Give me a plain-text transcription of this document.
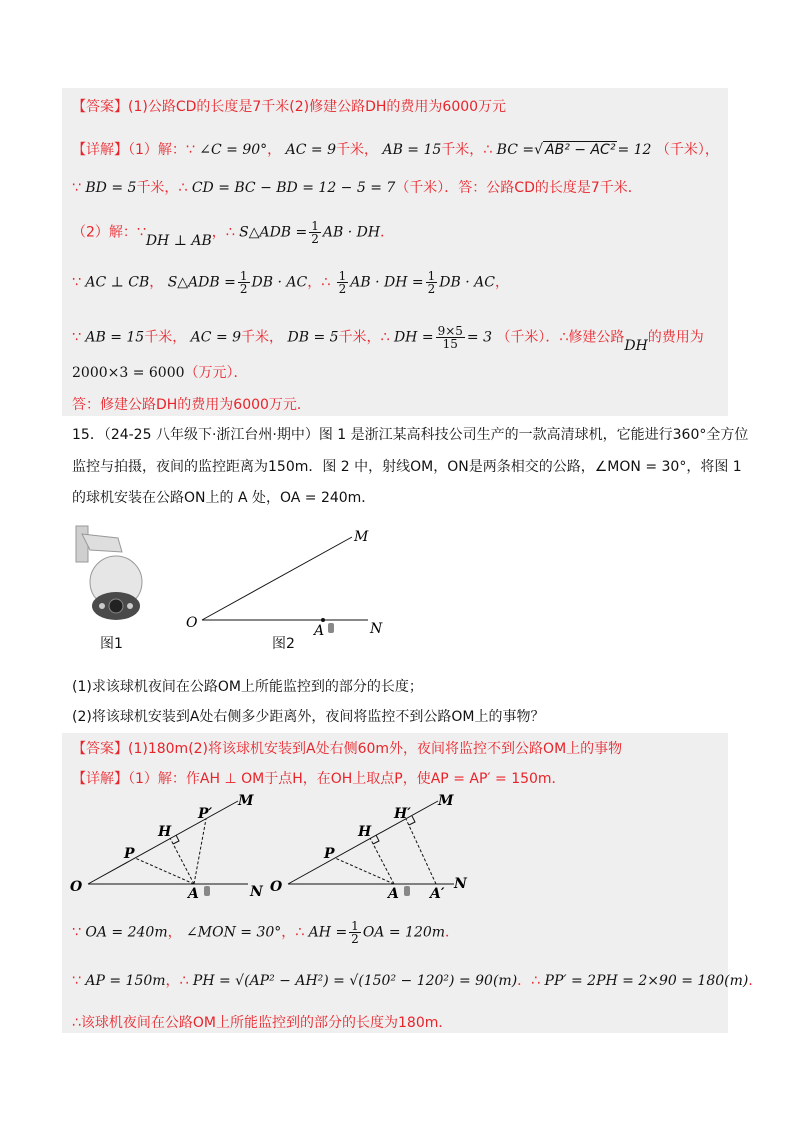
【答案】(1)公路CD的长度是7千米(2)修建公路DH的费用为6000万元
【详解】（1）解：∵ ∠C = 90°， AC = 9千米， AB = 15千米，∴ BC =√ AB² − AC² = 12 （千米），
∵ BD = 5千米，∴ CD = BC − BD = 12 − 5 = 7（千米）．答：公路CD的长度是7千米．
（2）解：∵DH ⊥ AB，∴ S△ADB = $\frac{1}{2}$ AB · DH．
∵ AC ⊥ CB， S△ADB = $\frac{1}{2}$ DB · AC，∴ $\frac{1}{2}$ AB · DH = $\frac{1}{2}$ DB · AC，
∵ AB = 15千米， AC = 9千米， DB = 5千米，∴ DH = $\frac{9\times 5}{15} = 3$ （千米）．∴修建公路DH的费用为
2000×3 = 6000（万元）．
答：修建公路DH的费用为6000万元．
15．（24-25 八年级下·浙江台州·期中）图 1 是浙江某高科技公司生产的一款高清球机，它能进行360°全方位
监控与拍摄，夜间的监控距离为150m．图 2 中，射线OM，ON是两条相交的公路，∠MON = 30°，将图 1
的球机安装在公路ON上的 A 处，OA = 240m．
图1
O
M
N
A
图2
(1)求该球机夜间在公路OM上所能监控到的部分的长度；
(2)将该球机安装到A处右侧多少距离外，夜间将监控不到公路OM上的事物？
【答案】(1)180m(2)将该球机安装到A处右侧60m外，夜间将监控不到公路OM上的事物
【详解】（1）解：作AH ⊥ OM于点H，在OH上取点P，使AP = AP′ = 150m．
O
M
N
A
P
H
P′
O
M
N
A A′
P
H
H′
∵ OA = 240m， ∠MON = 30°，∴ AH = $\frac{1}{2}$ OA = 120m．
∵ AP = 150m，∴ PH = √(AP² − AH²) = √(150² − 120²) = 90(m)．∴ PP′ = 2PH = 2×90 = 180(m)．
∴该球机夜间在公路OM上所能监控到的部分的长度为180m．
